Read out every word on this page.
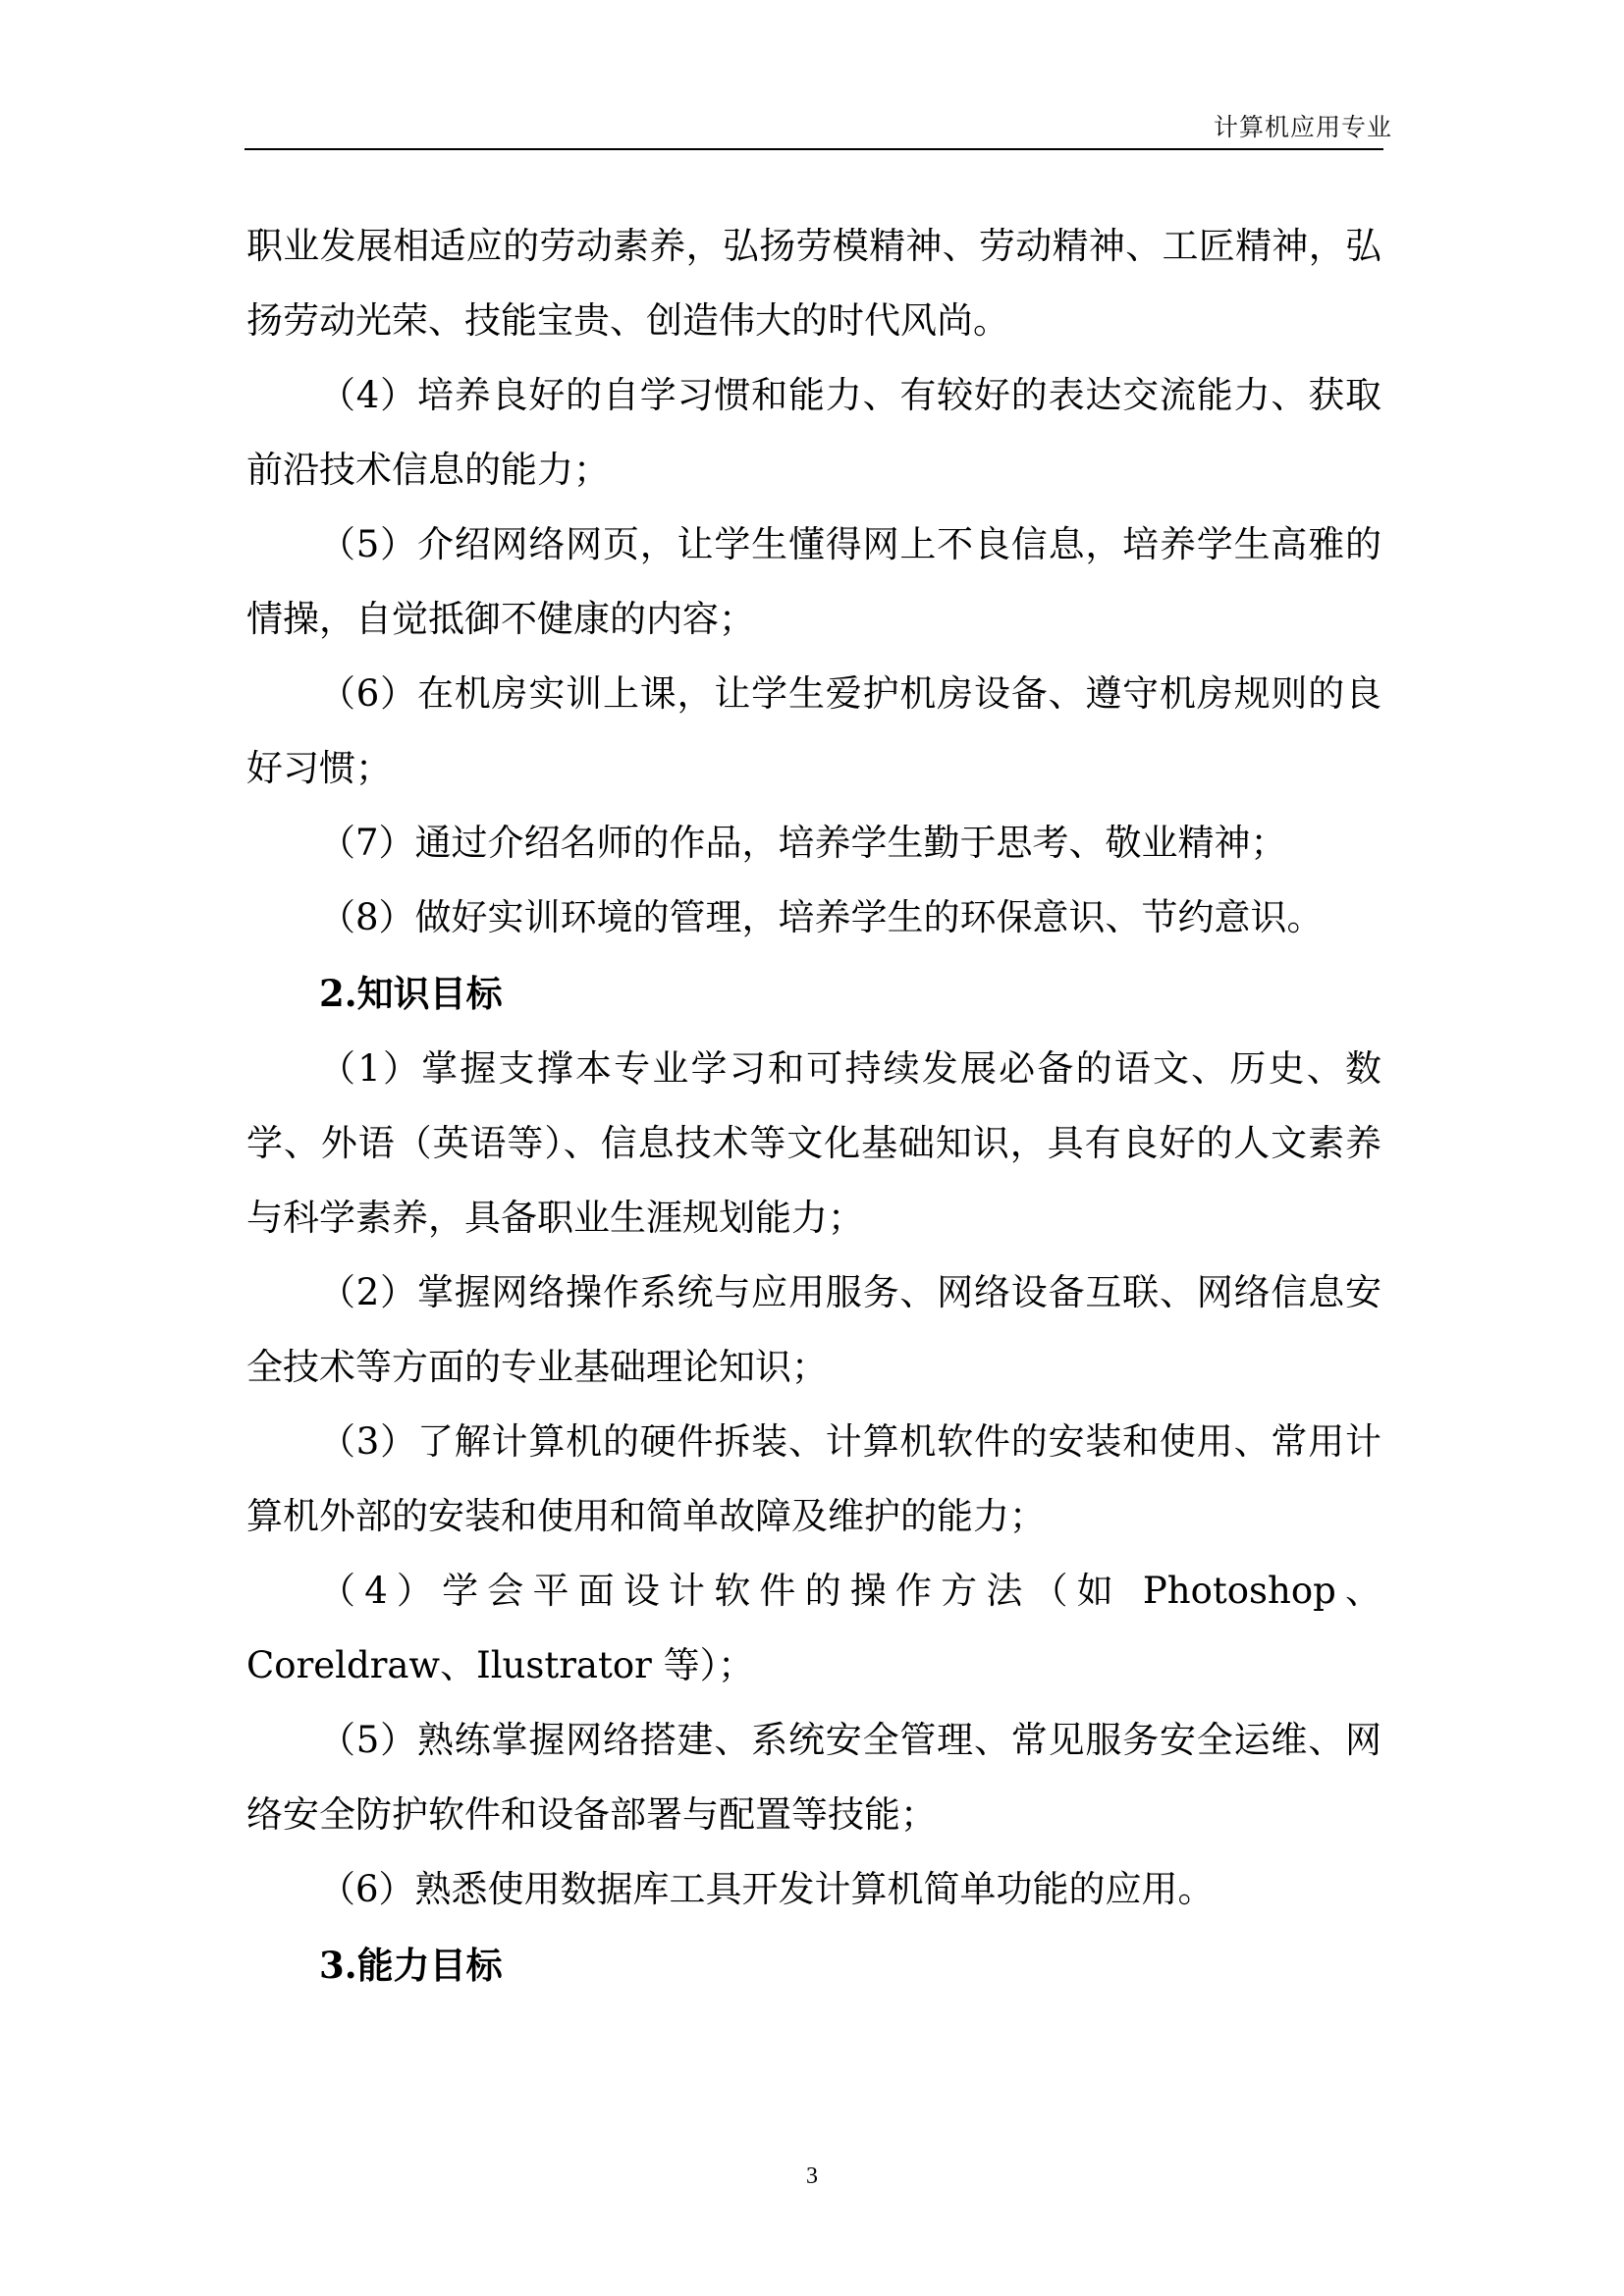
计算机应用专业

职业发展相适应的劳动素养，弘扬劳模精神、劳动精神、工匠精神，弘扬劳动光荣、技能宝贵、创造伟大的时代风尚。

（4）培养良好的自学习惯和能力、有较好的表达交流能力、获取前沿技术信息的能力；

（5）介绍网络网页，让学生懂得网上不良信息，培养学生高雅的情操，自觉抵御不健康的内容；

（6）在机房实训上课，让学生爱护机房设备、遵守机房规则的良好习惯；

（7）通过介绍名师的作品，培养学生勤于思考、敬业精神；

（8）做好实训环境的管理，培养学生的环保意识、节约意识。

2.知识目标

（1）掌握支撑本专业学习和可持续发展必备的语文、历史、数学、外语（英语等）、信息技术等文化基础知识，具有良好的人文素养与科学素养，具备职业生涯规划能力；

（2）掌握网络操作系统与应用服务、网络设备互联、网络信息安全技术等方面的专业基础理论知识；

（3）了解计算机的硬件拆装、计算机软件的安装和使用、常用计算机外部的安装和使用和简单故障及维护的能力；

（4）学会平面设计软件的操作方法（如 Photoshop、Coreldraw、Ilustrator 等）；

（5）熟练掌握网络搭建、系统安全管理、常见服务安全运维、网络安全防护软件和设备部署与配置等技能；

（6）熟悉使用数据库工具开发计算机简单功能的应用。

3.能力目标

3
